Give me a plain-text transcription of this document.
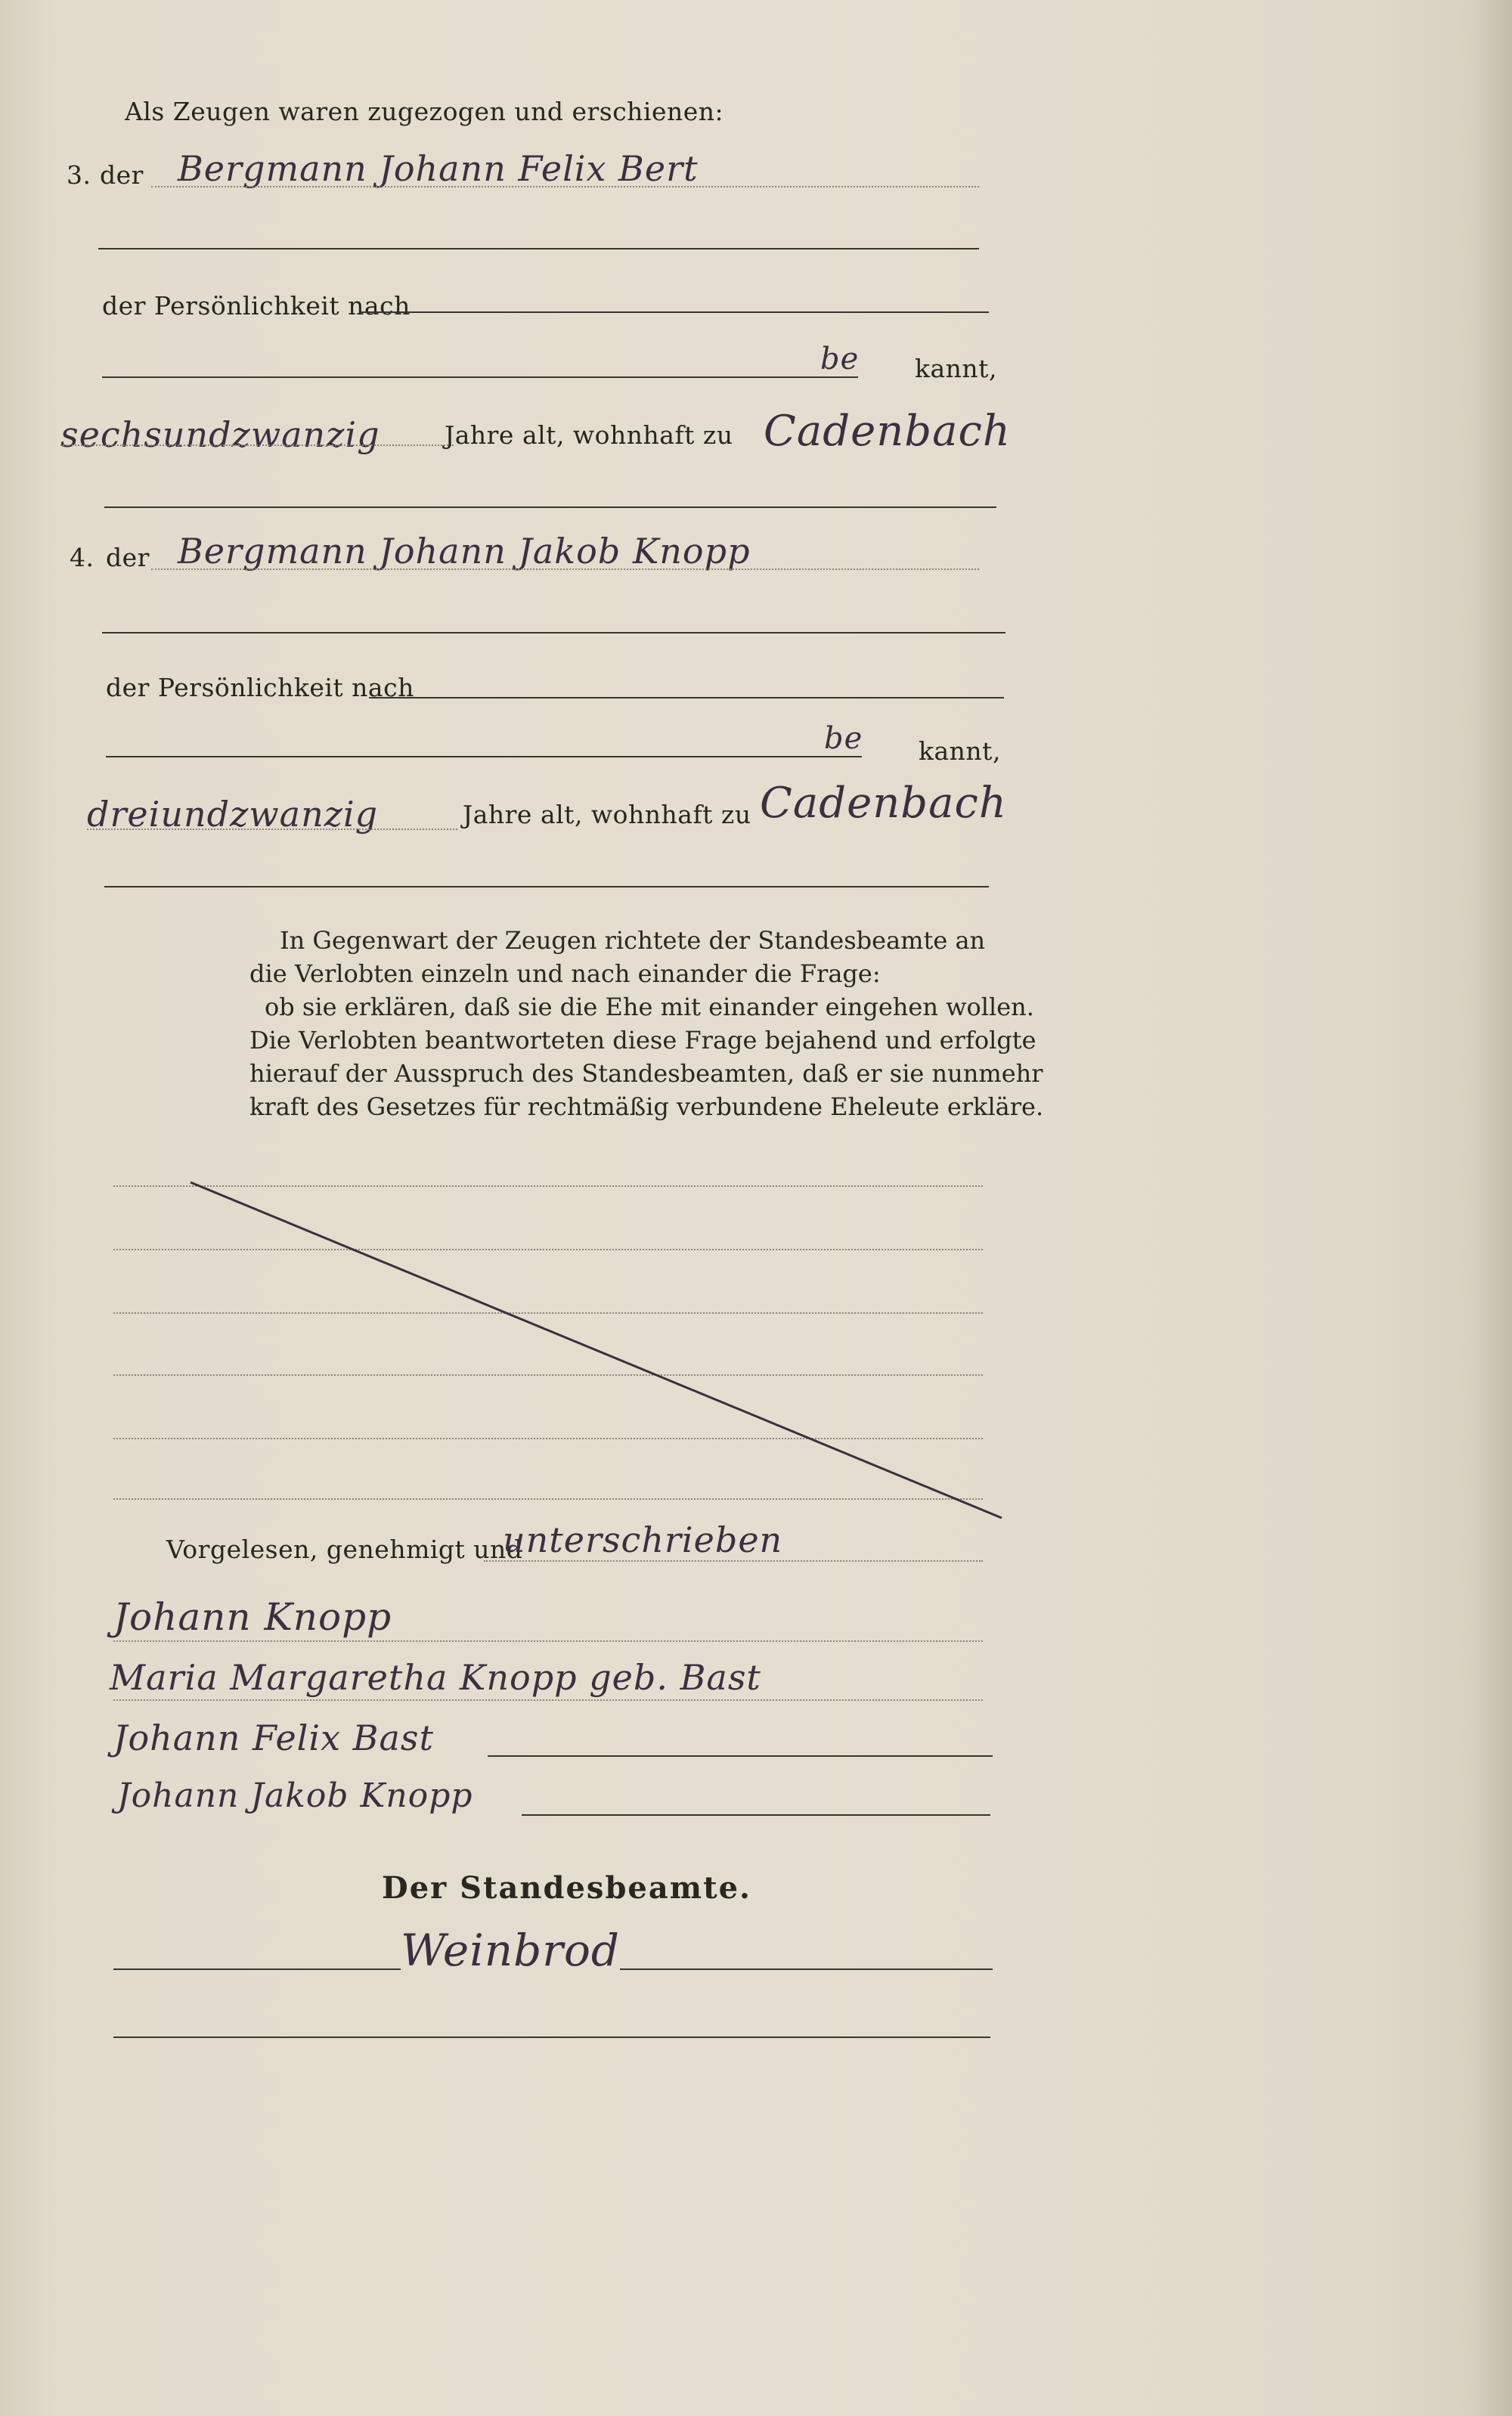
Als Zeugen waren zugezogen und erschienen:
3. der Bergmann Johann Felix Bert
der Persönlichkeit nach
be kannt,
sechsundzwanzig	Jahre alt, wohnhaft zu Cadenbach
4. der Bergmann Johann Jakob Knopp
der Persönlichkeit nach
be kannt,
dreiundzwanzig	Jahre alt, wohnhaft zu Cadenbach
In Gegenwart der Zeugen richtete der Standesbeamte an
die Verlobten einzeln und nach einander die Frage:
ob sie erklären, daß sie die Ehe mit einander eingehen wollen.
Die Verlobten beantworteten diese Frage bejahend und erfolgte
hierauf der Ausspruch des Standesbeamten, daß er sie nunmehr
kraft des Gesetzes für rechtmäßig verbundene Eheleute erkläre.
Vorgelesen, genehmigt und
unterschrieben
Johann Knopp
Maria Margaretha Knopp geb. Bast
Johann Felix Bast
Johann Jakob Knopp
Der Standesbeamte.
Weinbrod
